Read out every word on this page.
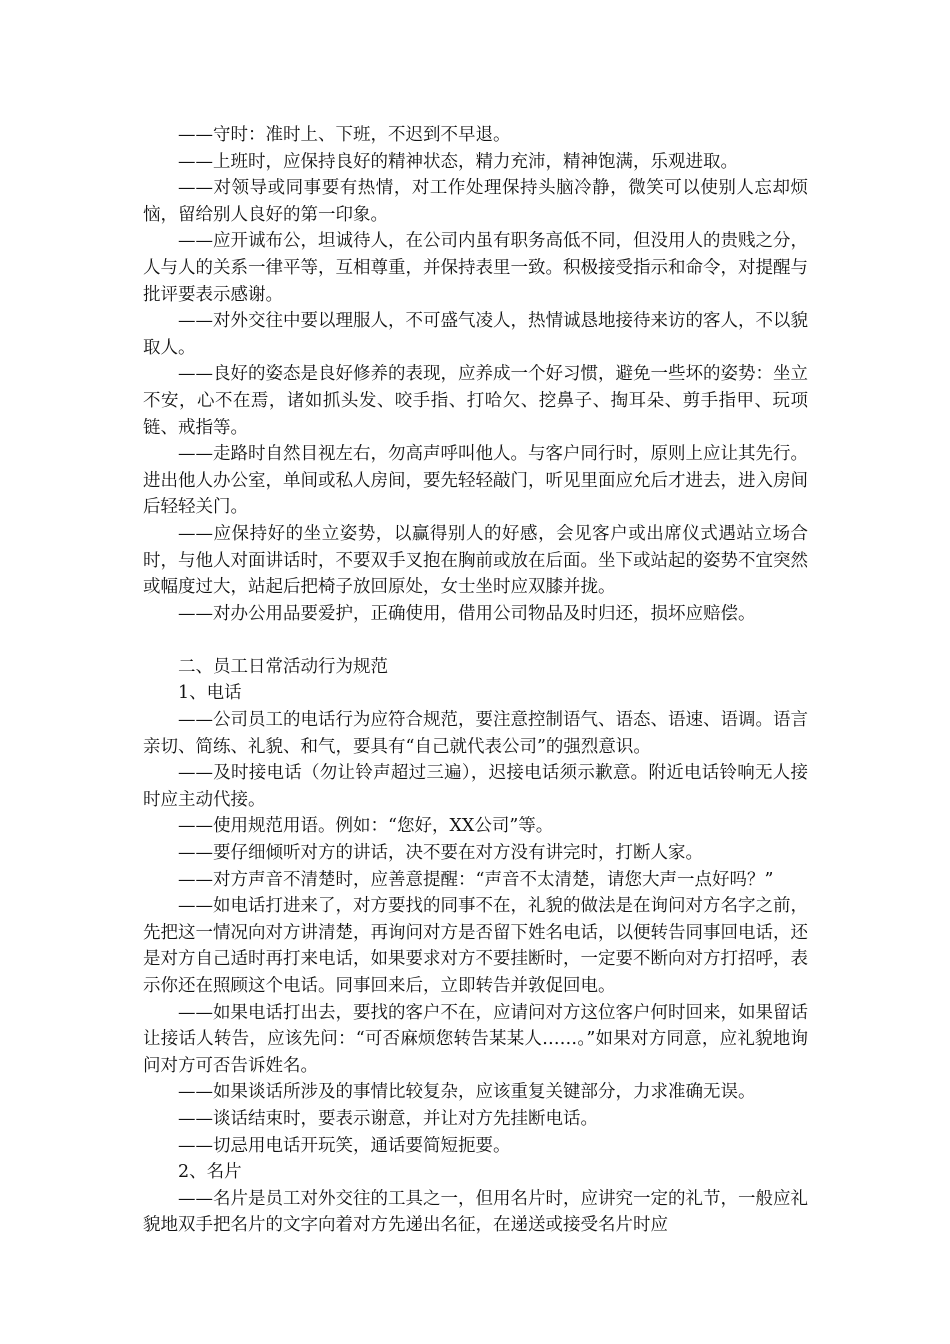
——守时：准时上、下班，不迟到不早退。

——上班时，应保持良好的精神状态，精力充沛，精神饱满，乐观进取。

——对领导或同事要有热情，对工作处理保持头脑冷静，微笑可以使别人忘却烦恼，留给别人良好的第一印象。

——应开诚布公，坦诚待人，在公司内虽有职务高低不同，但没用人的贵贱之分，人与人的关系一律平等，互相尊重，并保持表里一致。积极接受指示和命令，对提醒与批评要表示感谢。

——对外交往中要以理服人，不可盛气凌人，热情诚恳地接待来访的客人，不以貌取人。

——良好的姿态是良好修养的表现，应养成一个好习惯，避免一些坏的姿势：坐立不安，心不在焉，诸如抓头发、咬手指、打哈欠、挖鼻子、掏耳朵、剪手指甲、玩项链、戒指等。

——走路时自然目视左右，勿高声呼叫他人。与客户同行时，原则上应让其先行。进出他人办公室，单间或私人房间，要先轻轻敲门，听见里面应允后才进去，进入房间后轻轻关门。

——应保持好的坐立姿势，以赢得别人的好感，会见客户或出席仪式遇站立场合时，与他人对面讲话时，不要双手叉抱在胸前或放在后面。坐下或站起的姿势不宜突然或幅度过大，站起后把椅子放回原处，女士坐时应双膝并拢。

——对办公用品要爱护，正确使用，借用公司物品及时归还，损坏应赔偿。

二、员工日常活动行为规范

1、电话

——公司员工的电话行为应符合规范，要注意控制语气、语态、语速、语调。语言亲切、简练、礼貌、和气，要具有“自己就代表公司”的强烈意识。

——及时接电话（勿让铃声超过三遍），迟接电话须示歉意。附近电话铃响无人接时应主动代接。

——使用规范用语。例如：“您好，XX公司”等。

——要仔细倾听对方的讲话，决不要在对方没有讲完时，打断人家。

——对方声音不清楚时，应善意提醒：“声音不太清楚，请您大声一点好吗？”

——如电话打进来了，对方要找的同事不在，礼貌的做法是在询问对方名字之前，先把这一情况向对方讲清楚，再询问对方是否留下姓名电话，以便转告同事回电话，还是对方自己适时再打来电话，如果要求对方不要挂断时，一定要不断向对方打招呼，表示你还在照顾这个电话。同事回来后，立即转告并敦促回电。

——如果电话打出去，要找的客户不在，应请问对方这位客户何时回来，如果留话让接话人转告，应该先问：“可否麻烦您转告某某人……。”如果对方同意，应礼貌地询问对方可否告诉姓名。

——如果谈话所涉及的事情比较复杂，应该重复关键部分，力求准确无误。

——谈话结束时，要表示谢意，并让对方先挂断电话。

——切忌用电话开玩笑，通话要简短扼要。

2、名片

——名片是员工对外交往的工具之一，但用名片时，应讲究一定的礼节，一般应礼貌地双手把名片的文字向着对方先递出名征，在递送或接受名片时应
